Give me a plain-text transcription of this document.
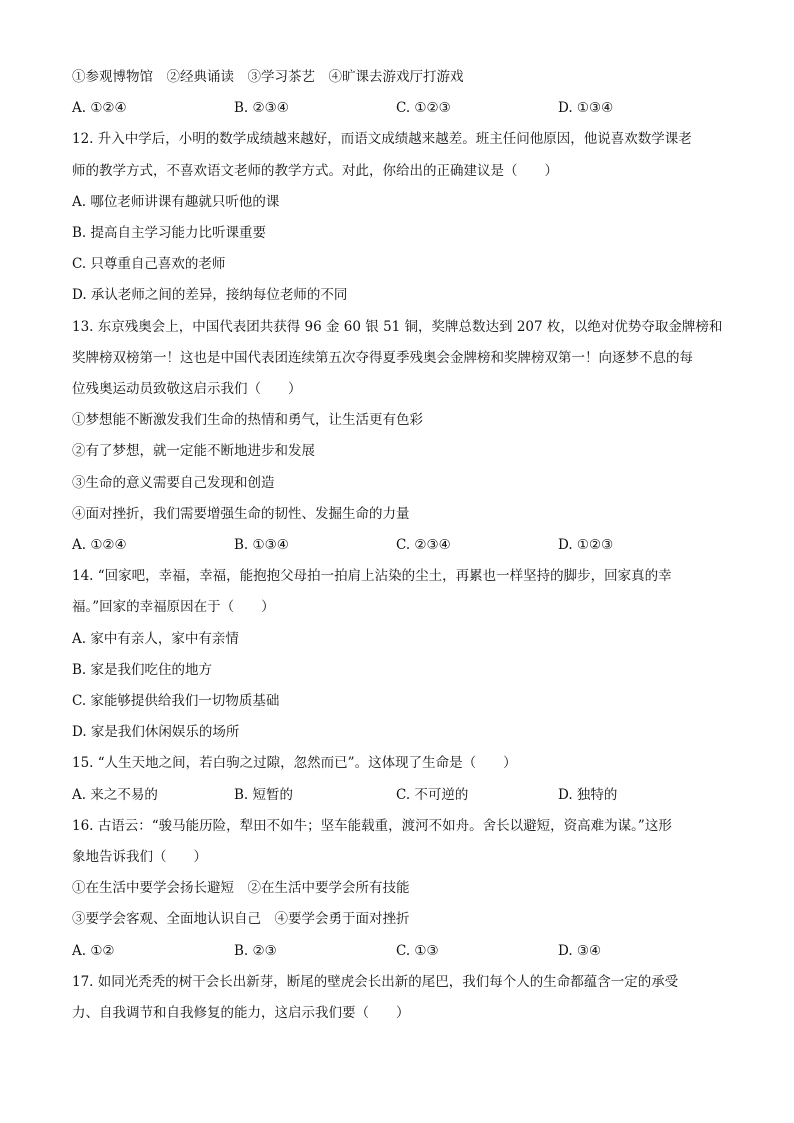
①参观博物馆　②经典诵读　③学习茶艺　④旷课去游戏厅打游戏

A. ①②④	B. ②③④	C. ①②③	D. ①③④

12. 升入中学后，小明的数学成绩越来越好，而语文成绩越来越差。班主任问他原因，他说喜欢数学课老

师的教学方式，不喜欢语文老师的教学方式。对此，你给出的正确建议是（　　）

A. 哪位老师讲课有趣就只听他的课

B. 提高自主学习能力比听课重要

C. 只尊重自己喜欢的老师

D. 承认老师之间的差异，接纳每位老师的不同

13. 东京残奥会上，中国代表团共获得 96 金 60 银 51 铜，奖牌总数达到 207 枚，以绝对优势夺取金牌榜和

奖牌榜双榜第一！这也是中国代表团连续第五次夺得夏季残奥会金牌榜和奖牌榜双第一！向逐梦不息的每

位残奥运动员致敬这启示我们（　　）

①梦想能不断激发我们生命的热情和勇气，让生活更有色彩

②有了梦想，就一定能不断地进步和发展

③生命的意义需要自己发现和创造

④面对挫折，我们需要增强生命的韧性、发掘生命的力量

A. ①②④	B. ①③④	C. ②③④	D. ①②③

14. “回家吧，幸福，幸福，能抱抱父母拍一拍肩上沾染的尘土，再累也一样坚持的脚步，回家真的幸

福。”回家的幸福原因在于（　　）

A. 家中有亲人，家中有亲情

B. 家是我们吃住的地方

C. 家能够提供给我们一切物质基础

D. 家是我们休闲娱乐的场所

15. “人生天地之间，若白驹之过隙，忽然而已”。这体现了生命是（　　）

A. 来之不易的	B. 短暂的	C. 不可逆的	D. 独特的

16. 古语云：“骏马能历险，犁田不如牛；坚车能载重，渡河不如舟。舍长以避短，资高难为谋。”这形

象地告诉我们（　　）

①在生活中要学会扬长避短　②在生活中要学会所有技能

③要学会客观、全面地认识自己　④要学会勇于面对挫折

A. ①②	B. ②③	C. ①③	D. ③④

17. 如同光秃秃的树干会长出新芽，断尾的壁虎会长出新的尾巴，我们每个人的生命都蕴含一定的承受

力、自我调节和自我修复的能力，这启示我们要（　　）
